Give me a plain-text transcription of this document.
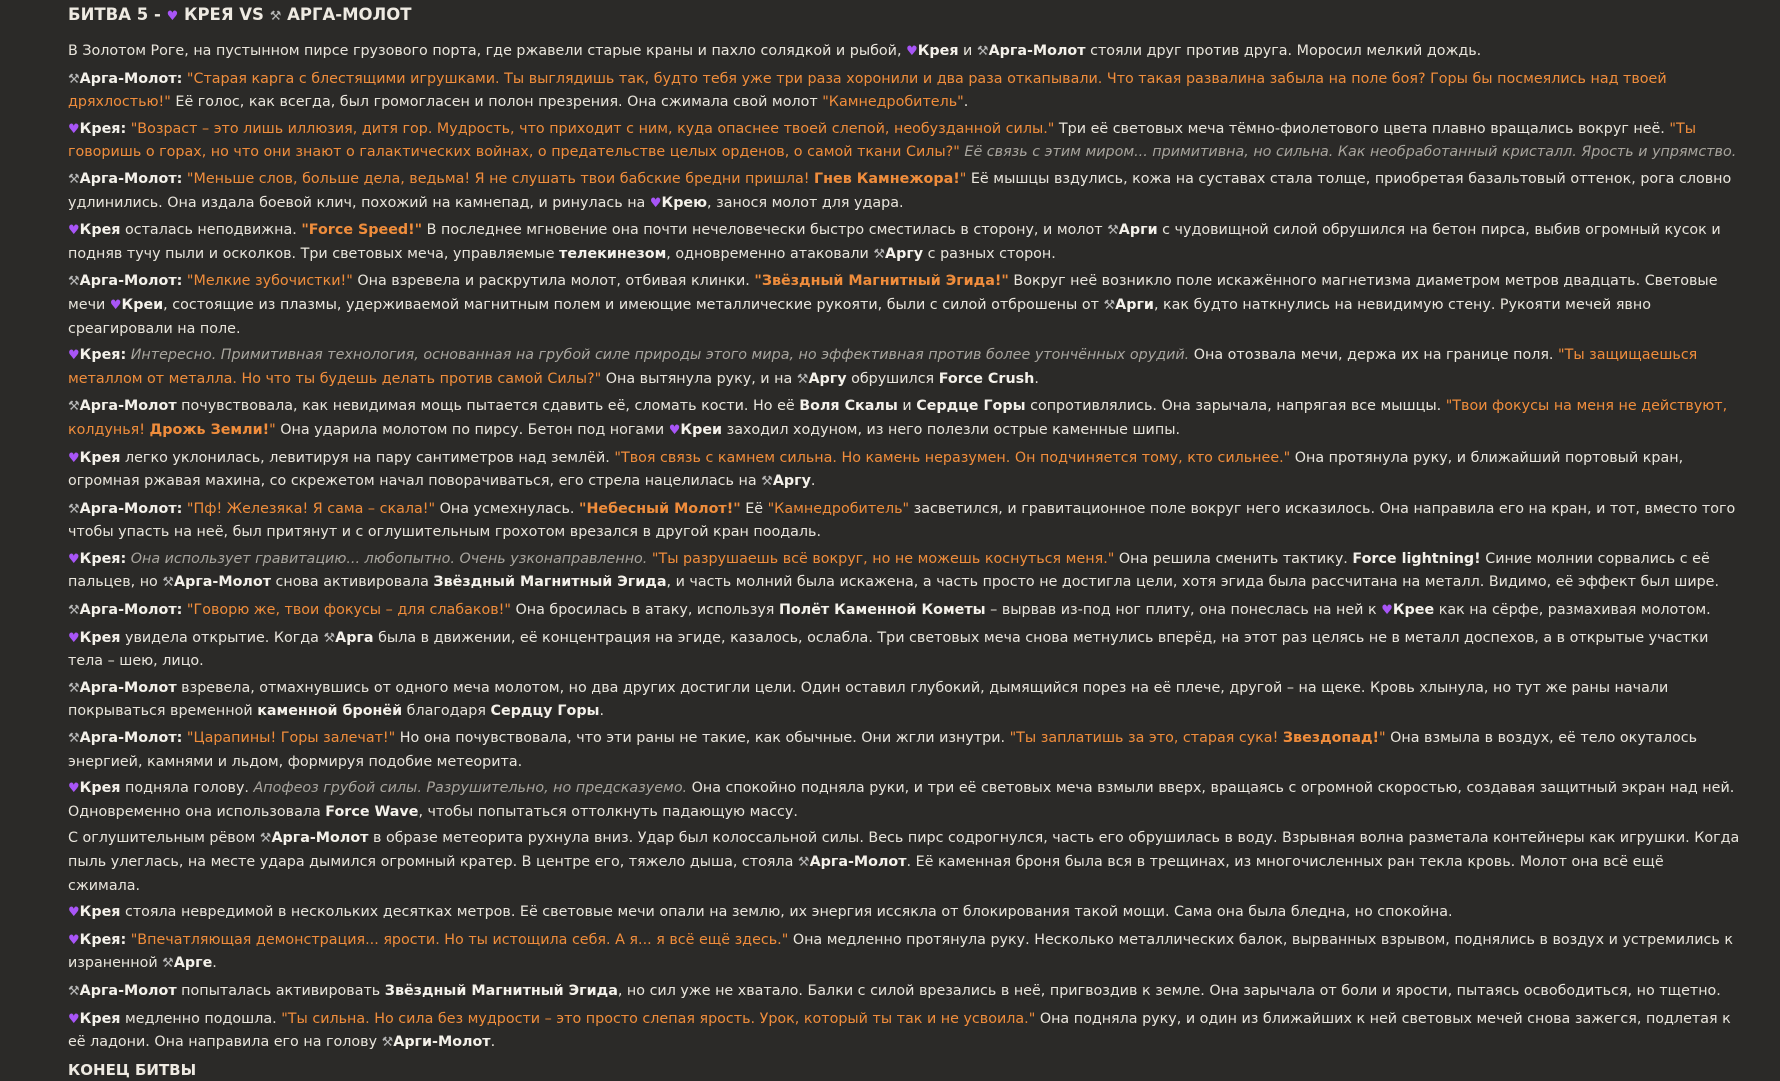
БИТВА 5 - ♥ КРЕЯ VS ⚒ АРГА-МОЛОТ

В Золотом Роге, на пустынном пирсе грузового порта, где ржавели старые краны и пахло солядкой и рыбой, ♥Крея и ⚒Арга-Молот стояли друг против друга. Моросил мелкий дождь.

⚒Арга-Молот: "Старая карга с блестящими игрушками. Ты выглядишь так, будто тебя уже три раза хоронили и два раза откапывали. Что такая развалина забыла на поле боя? Горы бы посмеялись над твоей дряхлостью!" Её голос, как всегда, был громогласен и полон презрения. Она сжимала свой молот "Камнедробитель".

♥Крея: "Возраст – это лишь иллюзия, дитя гор. Мудрость, что приходит с ним, куда опаснее твоей слепой, необузданной силы." Три её световых меча тёмно-фиолетового цвета плавно вращались вокруг неё. "Ты говоришь о горах, но что они знают о галактических войнах, о предательстве целых орденов, о самой ткани Силы?" Её связь с этим миром... примитивна, но сильна. Как необработанный кристалл. Ярость и упрямство.

⚒Арга-Молот: "Меньше слов, больше дела, ведьма! Я не слушать твои бабские бредни пришла! Гнев Камнежора!" Её мышцы вздулись, кожа на суставах стала толще, приобретая базальтовый оттенок, рога словно удлинились. Она издала боевой клич, похожий на камнепад, и ринулась на ♥Крею, занося молот для удара.

♥Крея осталась неподвижна. "Force Speed!" В последнее мгновение она почти нечеловечески быстро сместилась в сторону, и молот ⚒Арги с чудовищной силой обрушился на бетон пирса, выбив огромный кусок и подняв тучу пыли и осколков. Три световых меча, управляемые телекинезом, одновременно атаковали ⚒Аргу с разных сторон.

⚒Арга-Молот: "Мелкие зубочистки!" Она взревела и раскрутила молот, отбивая клинки. "Звёздный Магнитный Эгида!" Вокруг неё возникло поле искажённого магнетизма диаметром метров двадцать. Световые мечи ♥Креи, состоящие из плазмы, удерживаемой магнитным полем и имеющие металлические рукояти, были с силой отброшены от ⚒Арги, как будто наткнулись на невидимую стену. Рукояти мечей явно среагировали на поле.

♥Крея: Интересно. Примитивная технология, основанная на грубой силе природы этого мира, но эффективная против более утончённых орудий. Она отозвала мечи, держа их на границе поля. "Ты защищаешься металлом от металла. Но что ты будешь делать против самой Силы?" Она вытянула руку, и на ⚒Аргу обрушился Force Crush.

⚒Арга-Молот почувствовала, как невидимая мощь пытается сдавить её, сломать кости. Но её Воля Скалы и Сердце Горы сопротивлялись. Она зарычала, напрягая все мышцы. "Твои фокусы на меня не действуют, колдунья! Дрожь Земли!" Она ударила молотом по пирсу. Бетон под ногами ♥Креи заходил ходуном, из него полезли острые каменные шипы.

♥Крея легко уклонилась, левитируя на пару сантиметров над землёй. "Твоя связь с камнем сильна. Но камень неразумен. Он подчиняется тому, кто сильнее." Она протянула руку, и ближайший портовый кран, огромная ржавая махина, со скрежетом начал поворачиваться, его стрела нацелилась на ⚒Аргу.

⚒Арга-Молот: "Пф! Железяка! Я сама – скала!" Она усмехнулась. "Небесный Молот!" Её "Камнедробитель" засветился, и гравитационное поле вокруг него исказилось. Она направила его на кран, и тот, вместо того чтобы упасть на неё, был притянут и с оглушительным грохотом врезался в другой кран поодаль.

♥Крея: Она использует гравитацию... любопытно. Очень узконаправленно. "Ты разрушаешь всё вокруг, но не можешь коснуться меня." Она решила сменить тактику. Force lightning! Синие молнии сорвались с её пальцев, но ⚒Арга-Молот снова активировала Звёздный Магнитный Эгида, и часть молний была искажена, а часть просто не достигла цели, хотя эгида была рассчитана на металл. Видимо, её эффект был шире.

⚒Арга-Молот: "Говорю же, твои фокусы – для слабаков!" Она бросилась в атаку, используя Полёт Каменной Кометы – вырвав из-под ног плиту, она понеслась на ней к ♥Крее как на сёрфе, размахивая молотом.

♥Крея увидела открытие. Когда ⚒Арга была в движении, её концентрация на эгиде, казалось, ослабла. Три световых меча снова метнулись вперёд, на этот раз целясь не в металл доспехов, а в открытые участки тела – шею, лицо.

⚒Арга-Молот взревела, отмахнувшись от одного меча молотом, но два других достигли цели. Один оставил глубокий, дымящийся порез на её плече, другой – на щеке. Кровь хлынула, но тут же раны начали покрываться временной каменной бронёй благодаря Сердцу Горы.

⚒Арга-Молот: "Царапины! Горы залечат!" Но она почувствовала, что эти раны не такие, как обычные. Они жгли изнутри. "Ты заплатишь за это, старая сука! Звездопад!" Она взмыла в воздух, её тело окуталось энергией, камнями и льдом, формируя подобие метеорита.

♥Крея подняла голову. Апофеоз грубой силы. Разрушительно, но предсказуемо. Она спокойно подняла руки, и три её световых меча взмыли вверх, вращаясь с огромной скоростью, создавая защитный экран над ней. Одновременно она использовала Force Wave, чтобы попытаться оттолкнуть падающую массу.

С оглушительным рёвом ⚒Арга-Молот в образе метеорита рухнула вниз. Удар был колоссальной силы. Весь пирс содрогнулся, часть его обрушилась в воду. Взрывная волна разметала контейнеры как игрушки. Когда пыль улеглась, на месте удара дымился огромный кратер. В центре его, тяжело дыша, стояла ⚒Арга-Молот. Её каменная броня была вся в трещинах, из многочисленных ран текла кровь. Молот она всё ещё сжимала.

♥Крея стояла невредимой в нескольких десятках метров. Её световые мечи опали на землю, их энергия иссякла от блокирования такой мощи. Сама она была бледна, но спокойна.

♥Крея: "Впечатляющая демонстрация... ярости. Но ты истощила себя. А я... я всё ещё здесь." Она медленно протянула руку. Несколько металлических балок, вырванных взрывом, поднялись в воздух и устремились к израненной ⚒Арге.

⚒Арга-Молот попыталась активировать Звёздный Магнитный Эгида, но сил уже не хватало. Балки с силой врезались в неё, пригвоздив к земле. Она зарычала от боли и ярости, пытаясь освободиться, но тщетно.

♥Крея медленно подошла. "Ты сильна. Но сила без мудрости – это просто слепая ярость. Урок, который ты так и не усвоила." Она подняла руку, и один из ближайших к ней световых мечей снова зажегся, подлетая к её ладони. Она направила его на голову ⚒Арги-Молот.

КОНЕЦ БИТВЫ
